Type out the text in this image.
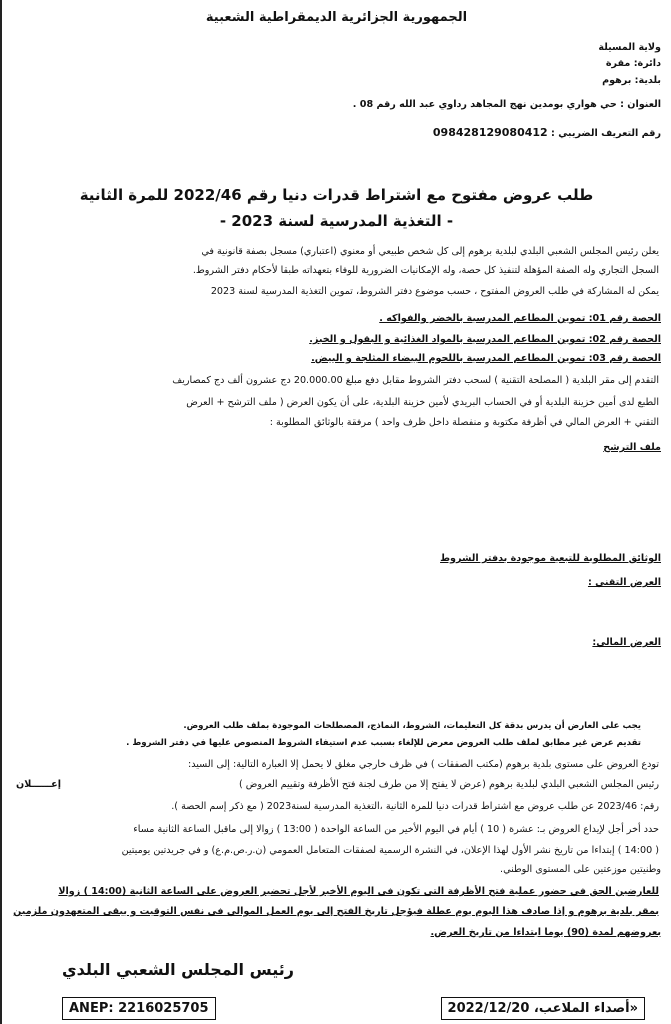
الجمهورية الجزائرية الديمقراطية الشعبية
ولاية المسيلة
دائرة: مقرة
بلدية: برهوم
العنوان : حي هواري بومدين نهج المجاهد رداوي عبد الله رقم 08 .
رقم التعريف الضريبي : 098428129080412
طلب عروض مفتوح مع اشتراط قدرات دنيا رقم 2022/46 للمرة الثانية
- التغذية المدرسية لسنة 2023 -
يعلن رئيس المجلس الشعبي البلدي لبلدية برهوم إلى كل شخص طبيعي أو معنوي (اعتباري) مسجل بصفة قانونية في
السجل التجاري وله الصفة المؤهلة لتنفيذ كل حصة، وله الإمكانيات الضرورية للوفاء بتعهداته طبقا لأحكام دفتر الشروط.
يمكن له المشاركة في طلب العروض المفتوح ، حسب موضوع دفتر الشروط، تموين التغذية المدرسية لسنة 2023
الحصة رقم 01: تموين المطاعم المدرسية بالخضر والفواكه .
الحصة رقم 02: تموين المطاعم المدرسية بالمواد الغذائية و البقول و الخبز.
الحصة رقم 03: تموين المطاعم المدرسية باللحوم البيضاء المثلجة و البيض.
التقدم إلى مقر البلدية ( المصلحة التقنية ) لسحب دفتر الشروط مقابل دفع مبلغ 20.000.00 دج عشرون ألف دج كمصاريف
الطبع لدى أمين خزينة البلدية أو في الحساب البريدي لأمين خزينة البلدية، على أن يكون العرض ( ملف الترشح + العرض
التقني + العرض المالي في أظرفة مكتوبة و منفصلة داخل ظرف واحد ) مرفقة بالوثائق المطلوبة :
ملف الترشح
الوثائق المطلوبة للتبعية موجودة بدفتر الشروط
العرض التقني :
العرض المالي:
يجب على العارض أن يدرس بدقة كل التعليمات، الشروط، النماذج، المصطلحات الموجودة بملف طلب العروض.
تقديم عرض غير مطابق لملف طلب العروض معرض للإلغاء بسبب عدم استيفاء الشروط المنصوص عليها في دفتر الشروط .
تودع العروض على مستوى بلدية برهوم (مكتب الصفقات ) في ظرف خارجي مغلق لا يحمل إلا العبارة التالية: إلى السيد:
رئيس المجلس الشعبي البلدي لبلدية برهوم (عرض لا يفتح إلا من طرف لجنة فتح الأظرفة وتقييم العروض )
إعــــــلان
رقم: 2023/46 عن طلب عروض مع اشتراط قدرات دنيا للمرة الثانية ،التغذية المدرسية لسنة2023 ( مع ذكر إسم الحصة ).
حدد أخر أجل لإيداع العروض بـ: عشرة ( 10 ) أيام في اليوم الأخير من الساعة الواحدة ( 13:00 ) زوالا إلى ماقبل الساعة الثانية مساء
( 14:00 ) إبتداءا من تاريخ نشر الأول لهذا الإعلان، في النشرة الرسمية لصفقات المتعامل العمومي (ن.ر.ص.م.ع) و في جريدتين يوميتين
وطنيتين موزعتين على المستوى الوطني.
للعارضين الحق في حضور عملية فتح الأظرفة التي تكون في اليوم الأخير لأجل تحضير العروض على الساعة الثانية (14:00 ) زوالا
بمقر بلدية برهوم و إذا صادف هذا اليوم يوم عطلة فيؤجل تاريخ الفتح إلى يوم العمل الموالي في نفس التوقيت و يبقى المتعهدون ملزمين
بعروضهم لمدة (90) يوما ابتداءا من تاريخ العرض.
رئيس المجلس الشعبي البلدي
ANEP: 2216025705	2022/12/20 ،أصداء الملاعب»
